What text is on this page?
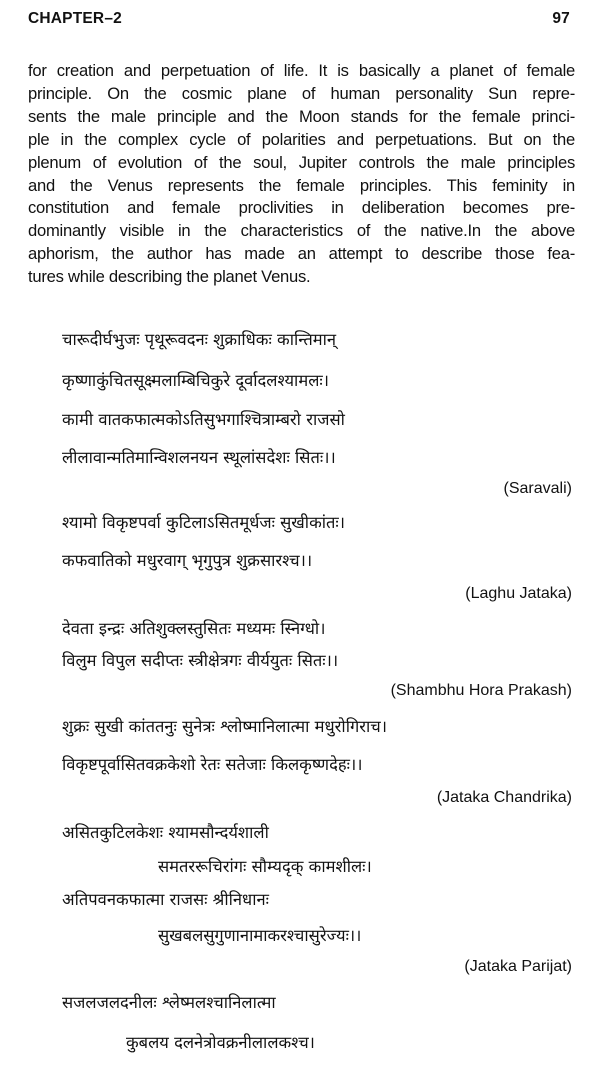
CHAPTER–2	97
for creation and perpetuation of life. It is basically a planet of female
principle. On the cosmic plane of human personality Sun repre-
sents the male principle and the Moon stands for the female princi-
ple in the complex cycle of polarities and perpetuations. But on the
plenum of evolution of the soul, Jupiter controls the male principles
and the Venus represents the female principles. This feminity in
constitution and female proclivities in deliberation becomes pre-
dominantly visible in the characteristics of the native.In the above
aphorism, the author has made an attempt to describe those fea-
tures while describing the planet Venus.
चारूदीर्घभुजः पृथूरूवदनः शुक्राधिकः कान्तिमान्
कृष्णाकुंचितसूक्ष्मलाम्बिचिकुरे दूर्वादलश्यामलः।
कामी वातकफात्मकोऽतिसुभगाश्चित्राम्बरो राजसो
लीलावान्मतिमान्विशलनयन स्थूलांसदेशः सितः।।
(Saravali)
श्यामो विकृष्टपर्वा कुटिलाऽसितमूर्धजः सुखीकांतः।
कफवातिको मधुरवाग् भृगुपुत्र शुक्रसारश्च।।
(Laghu Jataka)
देवता इन्द्रः अतिशुक्लस्तुसितः मध्यमः स्निग्धो।
विलुम विपुल सदीप्तः स्त्रीक्षेत्रगः वीर्ययुतः सितः।।
(Shambhu Hora Prakash)
शुक्रः सुखी कांततनुः सुनेत्रः श्लोष्मानिलात्मा मधुरोगिराच।
विकृष्टपूर्वासितवक्रकेशो रेतः सतेजाः किलकृष्णदेहः।।
(Jataka Chandrika)
असितकुटिलकेशः श्यामसौन्दर्यशाली
समतररूचिरांगः सौम्यदृक् कामशीलः।
अतिपवनकफात्मा राजसः श्रीनिधानः
सुखबलसुगुणानामाकरश्चासुरेज्यः।।
(Jataka Parijat)
सजलजलदनीलः श्लेष्मलश्चानिलात्मा
कुबलय दलनेत्रोवक्रनीलालकश्च।
